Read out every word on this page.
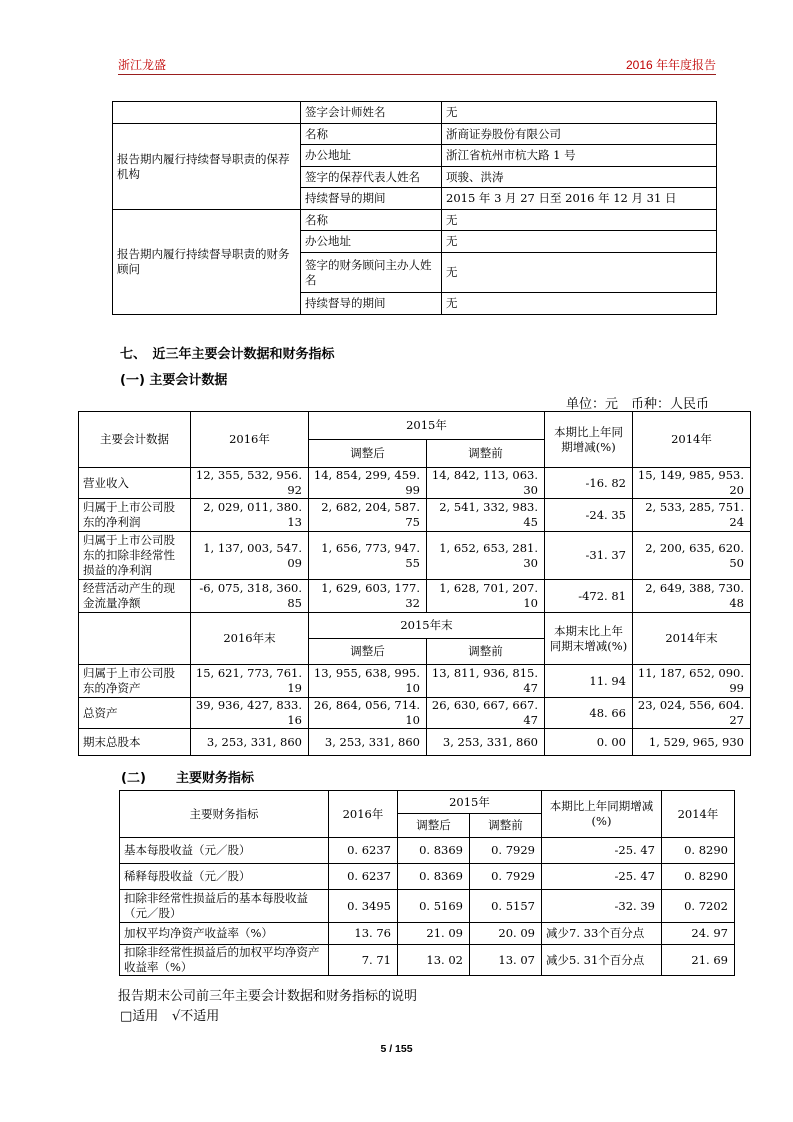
浙江龙盛	2016 年年度报告
	签字会计师姓名	无
报告期内履行持续督导职责的保荐机构	名称	浙商证券股份有限公司
	办公地址	浙江省杭州市杭大路 1 号
	签字的保荐代表人姓名	项骏、洪涛
	持续督导的期间	2015 年 3 月 27 日至 2016 年 12 月 31 日
报告期内履行持续督导职责的财务顾问	名称	无
	办公地址	无
	签字的财务顾问主办人姓名	无
	持续督导的期间	无
七、　近三年主要会计数据和财务指标
(一) 主要会计数据
单位：元　币种：人民币
主要会计数据	2016年	2015年		本期比上年同期增减(%)	2014年
		调整后	调整前		
营业收入	12, 355, 532, 956. 92	14, 854, 299, 459. 99	14, 842, 113, 063. 30	-16. 82	15, 149, 985, 953. 20
归属于上市公司股东的净利润	2, 029, 011, 380. 13	2, 682, 204, 587. 75	2, 541, 332, 983. 45	-24. 35	2, 533, 285, 751. 24
归属于上市公司股东的扣除非经常性损益的净利润	1, 137, 003, 547. 09	1, 656, 773, 947. 55	1, 652, 653, 281. 30	-31. 37	2, 200, 635, 620. 50
经营活动产生的现金流量净额	-6, 075, 318, 360. 85	1, 629, 603, 177. 32	1, 628, 701, 207. 10	-472. 81	2, 649, 388, 730. 48
	2016年末	2015年末		本期末比上年同期末增减(%)	2014年末
		调整后	调整前		
归属于上市公司股东的净资产	15, 621, 773, 761. 19	13, 955, 638, 995. 10	13, 811, 936, 815. 47	11. 94	11, 187, 652, 090. 99
总资产	39, 936, 427, 833. 16	26, 864, 056, 714. 10	26, 630, 667, 667. 47	48. 66	23, 024, 556, 604. 27
期末总股本	3, 253, 331, 860	3, 253, 331, 860	3, 253, 331, 860	0. 00	1, 529, 965, 930
(二) 主要财务指标
主要财务指标	2016年	2015年		本期比上年同期增减(%)	2014年
		调整后	调整前		
基本每股收益（元／股）	0. 6237	0. 8369	0. 7929	-25. 47	0. 8290
稀释每股收益（元／股）	0. 6237	0. 8369	0. 7929	-25. 47	0. 8290
扣除非经常性损益后的基本每股收益（元／股）	0. 3495	0. 5169	0. 5157	-32. 39	0. 7202
加权平均净资产收益率（%）	13. 76	21. 09	20. 09	减少7. 33个百分点	24. 97
扣除非经常性损益后的加权平均净资产收益率（%）	7. 71	13. 02	13. 07	减少5. 31个百分点	21. 69
报告期末公司前三年主要会计数据和财务指标的说明
□适用 √不适用
5 / 155
